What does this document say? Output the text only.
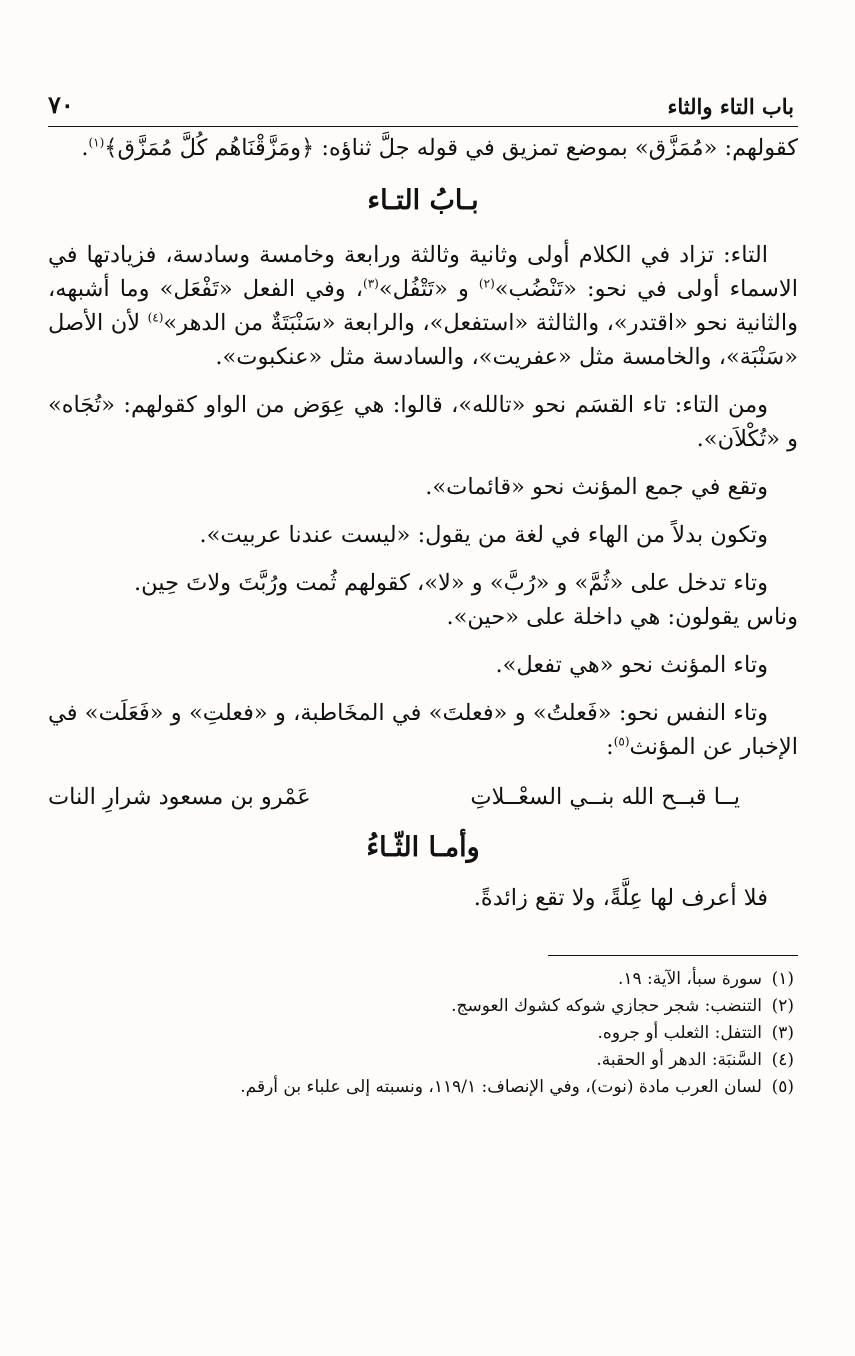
باب التاء والثاء
٧٠

كقولهم: «مُمَزَّق» بموضع تمزيق في قوله جلَّ ثناؤه: ﴿ومَزَّقْنَاهُم كُلَّ مُمَزَّق﴾$^{(١)}$.

بـابُ التـاء

التاء: تزاد في الكلام أولى وثانية وثالثة ورابعة وخامسة وسادسة، فزيادتها في الاسماء أولى في نحو: «تَنْضُب»$^{(٢)}$ و «تَتْفُل»$^{(٣)}$، وفي الفعل «تَفْعَل» وما أشبهه، والثانية نحو «اقتدر»، والثالثة «استفعل»، والرابعة «سَنْبَتَةٌ من الدهر»$^{(٤)}$ لأن الأصل «سَنْبَة»، والخامسة مثل «عفريت»، والسادسة مثل «عنكبوت».

ومن التاء: تاء القسَم نحو «تالله»، قالوا: هي عِوَض من الواو كقولهم: «تُجَاه» و «تُكْلاَن».

وتقع في جمع المؤنث نحو «قائمات».

وتكون بدلاً من الهاء في لغة من يقول: «ليست عندنا عربيت».

وتاء تدخل على «ثُمَّ» و «رُبَّ» و «لا»، كقولهم ثُمت ورُبَّتَ ولاتَ حِين.

وناس يقولون: هي داخلة على «حين».

وتاء المؤنث نحو «هي تفعل».

وتاء النفس نحو: «فَعلتُ» و «فعلتَ» في المخَاطبة، و «فعلتِ» و «فَعَلَت» في الإخبار عن المؤنث$^{(٥)}$:

يــا قبــح الله بنــي السعْــلاتِ
عَمْرو بن مسعود شرارِ النات
وأمـا الثّـاءُ

فلا أعرف لها عِلَّةً، ولا تقع زائدةً.

(١)سورة سبأ، الآية: ١٩.
(٢)التنضب: شجر حجازي شوكه كشوك العوسج.
(٣)التتفل: الثعلب أو جروه.
(٤)السَّنبَة: الدهر أو الحقبة.
(٥)لسان العرب مادة (نوت)، وفي الإنصاف: ١١٩/١، ونسبته إلى علباء بن أرقم.
